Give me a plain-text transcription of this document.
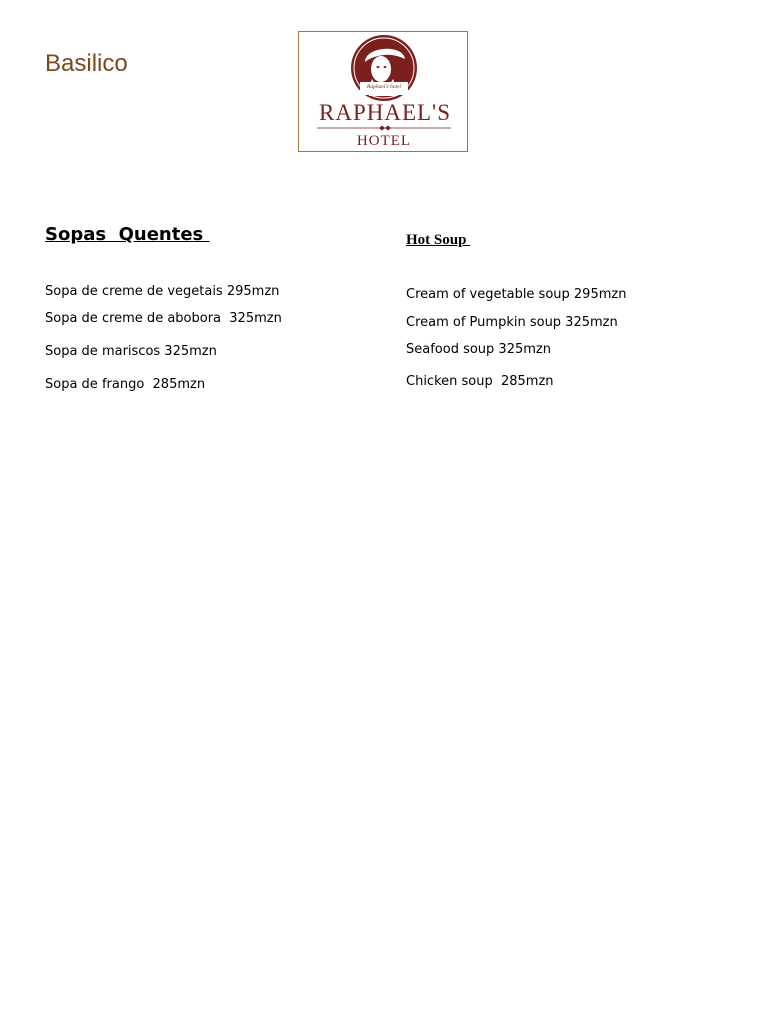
Basilico
Raphael's hotel
RAPHAEL'S
HOTEL
Sopas  Quentes	Hot Soup

Sopa de creme de vegetais 295mzn

Sopa de creme de abobora  325mzn

Sopa de mariscos 325mzn

Sopa de frango  285mzn

Cream of vegetable soup 295mzn

Cream of Pumpkin soup 325mzn

Seafood soup 325mzn

Chicken soup  285mzn
